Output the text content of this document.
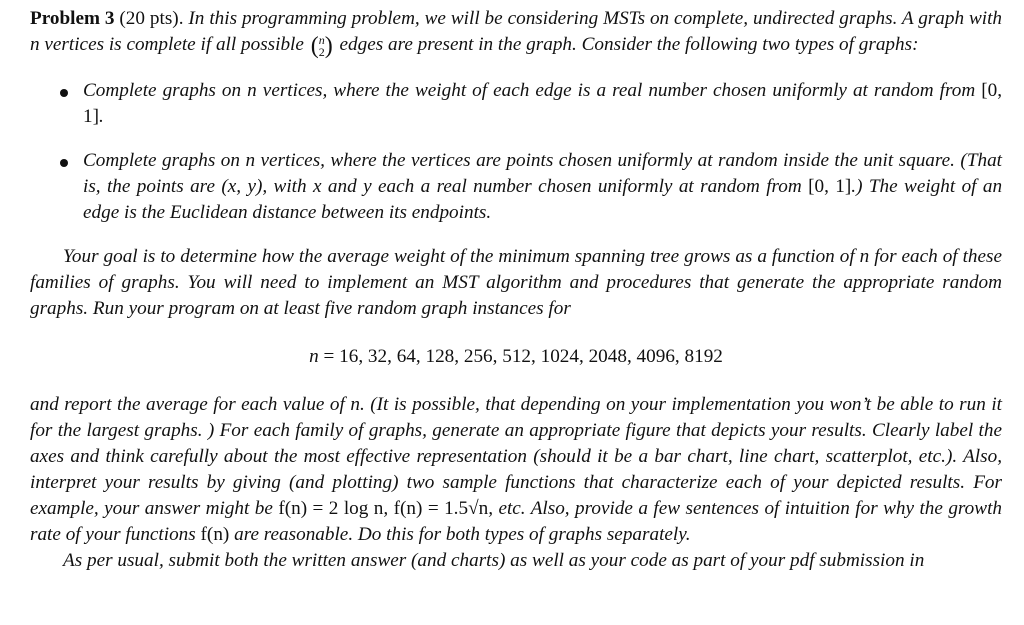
Problem 3 (20 pts). In this programming problem, we will be considering MSTs on complete, undirected graphs. A graph with n vertices is complete if all possible ( n
2 ) edges are present in the graph. Consider the following two types of graphs:

Complete graphs on n vertices, where the weight of each edge is a real number chosen uniformly at random from [0, 1].
Complete graphs on n vertices, where the vertices are points chosen uniformly at random inside the unit square. (That is, the points are (x, y), with x and y each a real number chosen uniformly at random from [0, 1].) The weight of an edge is the Euclidean distance between its endpoints.

Your goal is to determine how the average weight of the minimum spanning tree grows as a function of n for each of these families of graphs. You will need to implement an MST algorithm and procedures that generate the appropriate random graphs. Run your program on at least five random graph instances for

n = 16, 32, 64, 128, 256, 512, 1024, 2048, 4096, 8192

and report the average for each value of n. (It is possible, that depending on your implementation you won’t be able to run it for the largest graphs. ) For each family of graphs, generate an appropriate figure that depicts your results. Clearly label the axes and think carefully about the most effective representation (should it be a bar chart, line chart, scatterplot, etc.). Also, interpret your results by giving (and plotting) two sample functions that characterize each of your depicted results. For example, your answer might be f(n) = 2 log n, f(n) = 1.5√n, etc. Also, provide a few sentences of intuition for why the growth rate of your functions f(n) are reasonable. Do this for both types of graphs separately.

As per usual, submit both the written answer (and charts) as well as your code as part of your pdf submission in
